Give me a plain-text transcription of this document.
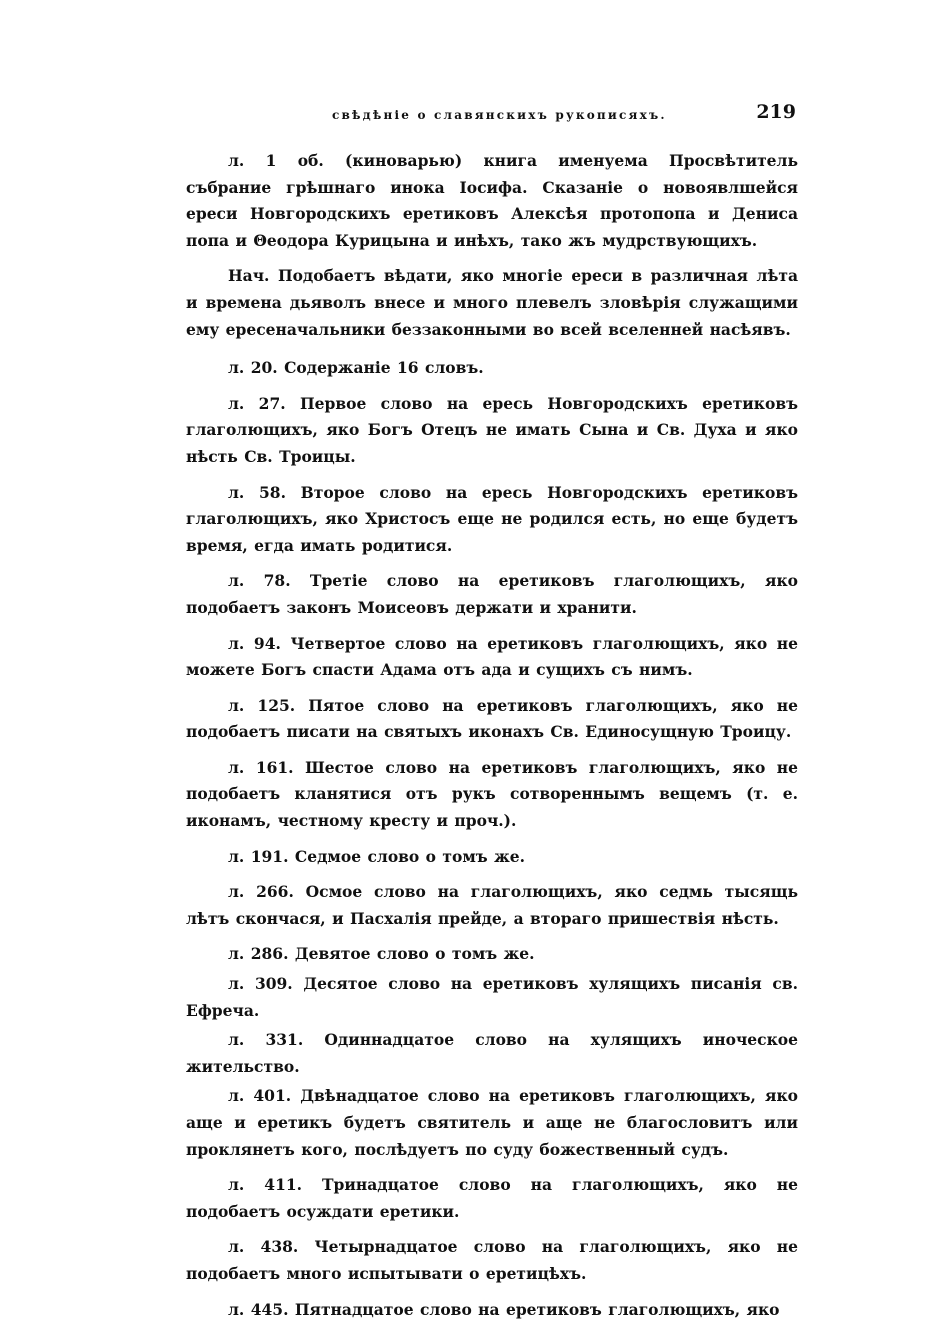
свѣдѣніе о славянскихъ рукописяхъ.	219

л. 1 об. (киноварью) книга именуема Просвѣтитель събрание грѣшнаго инока Іосифа. Сказаніе о новоявлшейся ереси Новгородскихъ еретиковъ Алексѣя протопопа и Дениса попа и Θеодора Курицына и инѣхъ, тако жъ мудрствующихъ.

Нач. Подобаетъ вѣдати, яко многіе ереси в различная лѣта и времена дьяволъ внесе и много плевелъ зловѣрія служащими ему ересеначальники беззаконными во всей вселенней насѣявъ.

л. 20. Содержаніе 16 словъ.

л. 27. Первое слово на ересь Новгородскихъ еретиковъ глаголющихъ, яко Богъ Отецъ не имать Сына и Св. Духа и яко нѣсть Св. Троицы.

л. 58. Второе слово на ересь Новгородскихъ еретиковъ глаголющихъ, яко Христосъ еще не родился есть, но еще будетъ время, егда имать родитися.

л. 78. Третіе слово на еретиковъ глаголющихъ, яко подобаетъ законъ Моисеовъ держати и хранити.

л. 94. Четвертое слово на еретиковъ глаголющихъ, яко не можете Богъ спасти Адама отъ ада и сущихъ съ нимъ.

л. 125. Пятое слово на еретиковъ глаголющихъ, яко не подобаетъ писати на святыхъ иконахъ Св. Единосущную Троицу.

л. 161. Шестое слово на еретиковъ глаголющихъ, яко не подобаетъ кланятися отъ рукъ сотвореннымъ вещемъ (т. е. иконамъ, честному кресту и проч.).

л. 191. Седмое слово о томъ же.

л. 266. Осмое слово на глаголющихъ, яко седмь тысящь лѣтъ скончася, и Пасхалія прейде, а втораго пришествія нѣсть.

л. 286. Девятое слово о томъ же.

л. 309. Десятое слово на еретиковъ хулящихъ писанія св. Ефреча.

л. 331. Одиннадцатое слово на хулящихъ иноческое жительство.

л. 401. Двѣнадцатое слово на еретиковъ глаголющихъ, яко аще и еретикъ будетъ святитель и аще не благословитъ или проклянетъ кого, послѣдуетъ по суду божественный судъ.

л. 411. Тринадцатое слово на глаголющихъ, яко не подобаетъ осуждати еретики.

л. 438. Четырнадцатое слово на глаголющихъ, яко не подобаетъ много испытывати о еретицѣхъ.

л. 445. Пятнадцатое слово на еретиковъ глаголющихъ, яко
